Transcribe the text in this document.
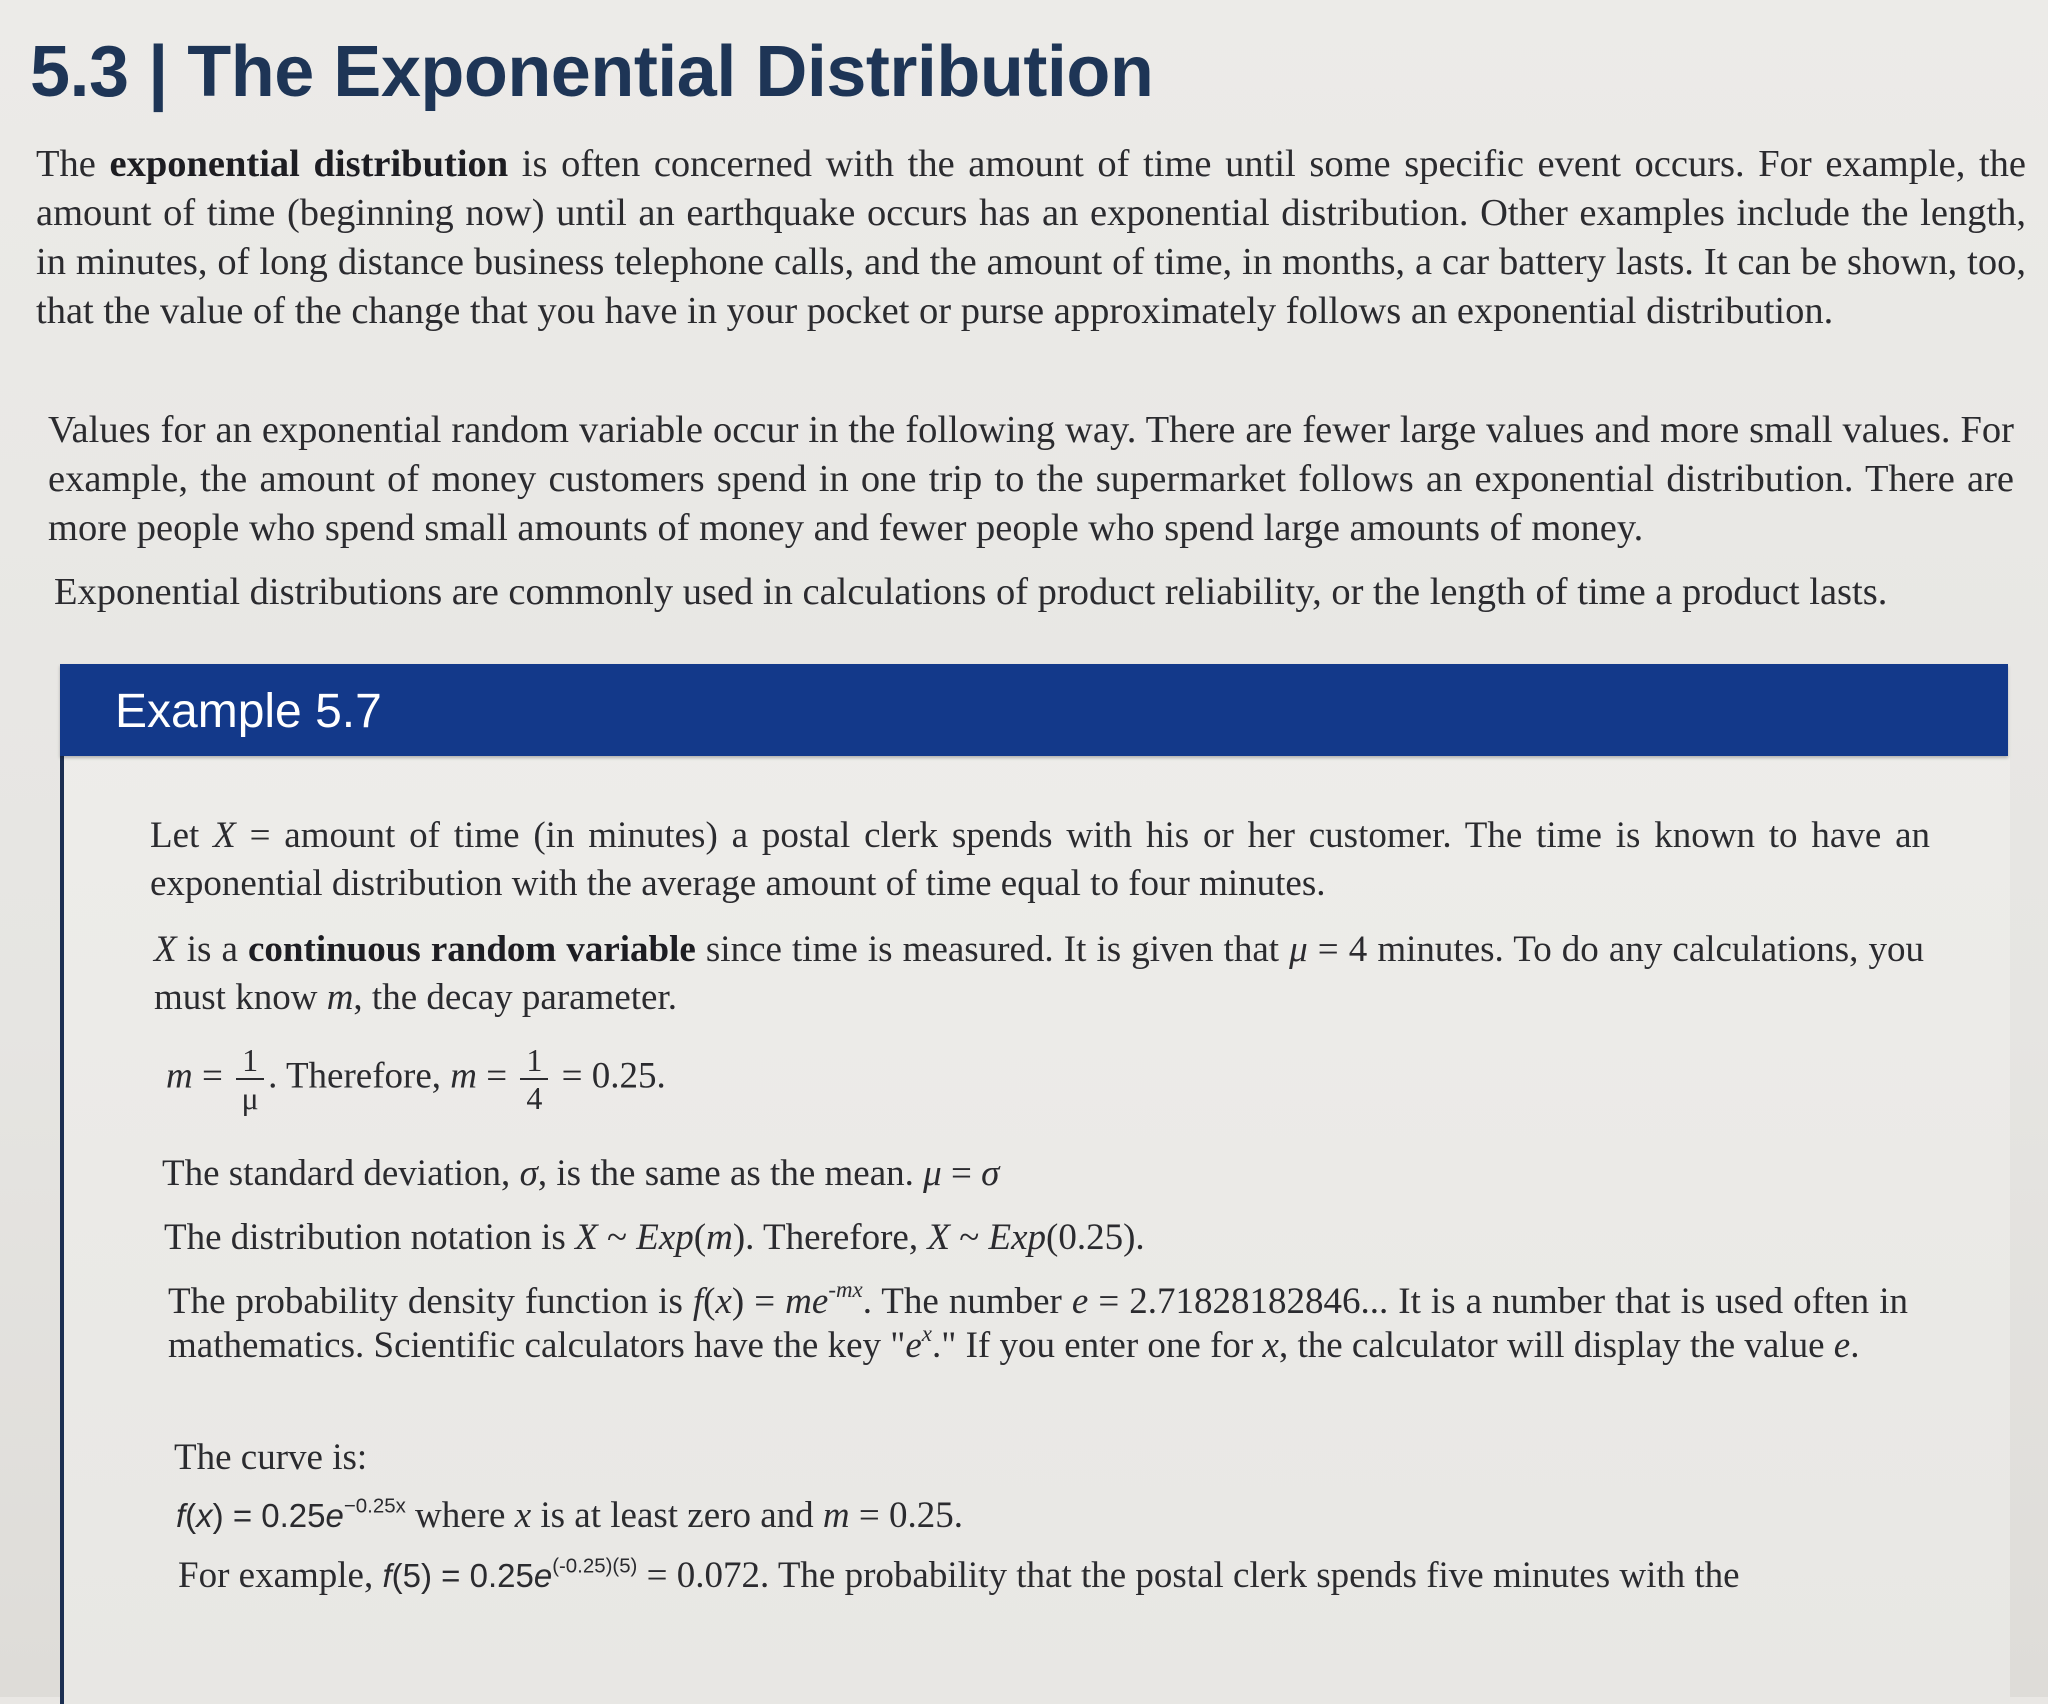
5.3 | The Exponential Distribution

The exponential distribution is often concerned with the amount of time until some specific event occurs. For example, the amount of time (beginning now) until an earthquake occurs has an exponential distribution. Other examples include the length, in minutes, of long distance business telephone calls, and the amount of time, in months, a car battery lasts. It can be shown, too, that the value of the change that you have in your pocket or purse approximately follows an exponential distribution.

Values for an exponential random variable occur in the following way. There are fewer large values and more small values. For example, the amount of money customers spend in one trip to the supermarket follows an exponential distribution. There are more people who spend small amounts of money and fewer people who spend large amounts of money.

Exponential distributions are commonly used in calculations of product reliability, or the length of time a product lasts.

Example 5.7

Let X = amount of time (in minutes) a postal clerk spends with his or her customer. The time is known to have an exponential distribution with the average amount of time equal to four minutes.

X is a continuous random variable since time is measured. It is given that μ = 4 minutes. To do any calculations, you must know m, the decay parameter.

$m = \frac{1}{\mu}$ . Therefore, $m = \frac{1}{4} = 0.25$.

The standard deviation, σ, is the same as the mean. μ = σ

The distribution notation is X ~ Exp(m). Therefore, X ~ Exp(0.25).

The probability density function is $f(x) = me^{-mx}$. The number e = 2.71828182846... It is a number that is used often in mathematics. Scientific calculators have the key "$e^x$." If you enter one for x, the calculator will display the value e.

The curve is:

$f(x) = 0.25e^{-0.25x}$ where x is at least zero and m = 0.25.

For example, $f(5) = 0.25e^{(-0.25)(5)} = 0.072$. The probability that the postal clerk spends five minutes with the
